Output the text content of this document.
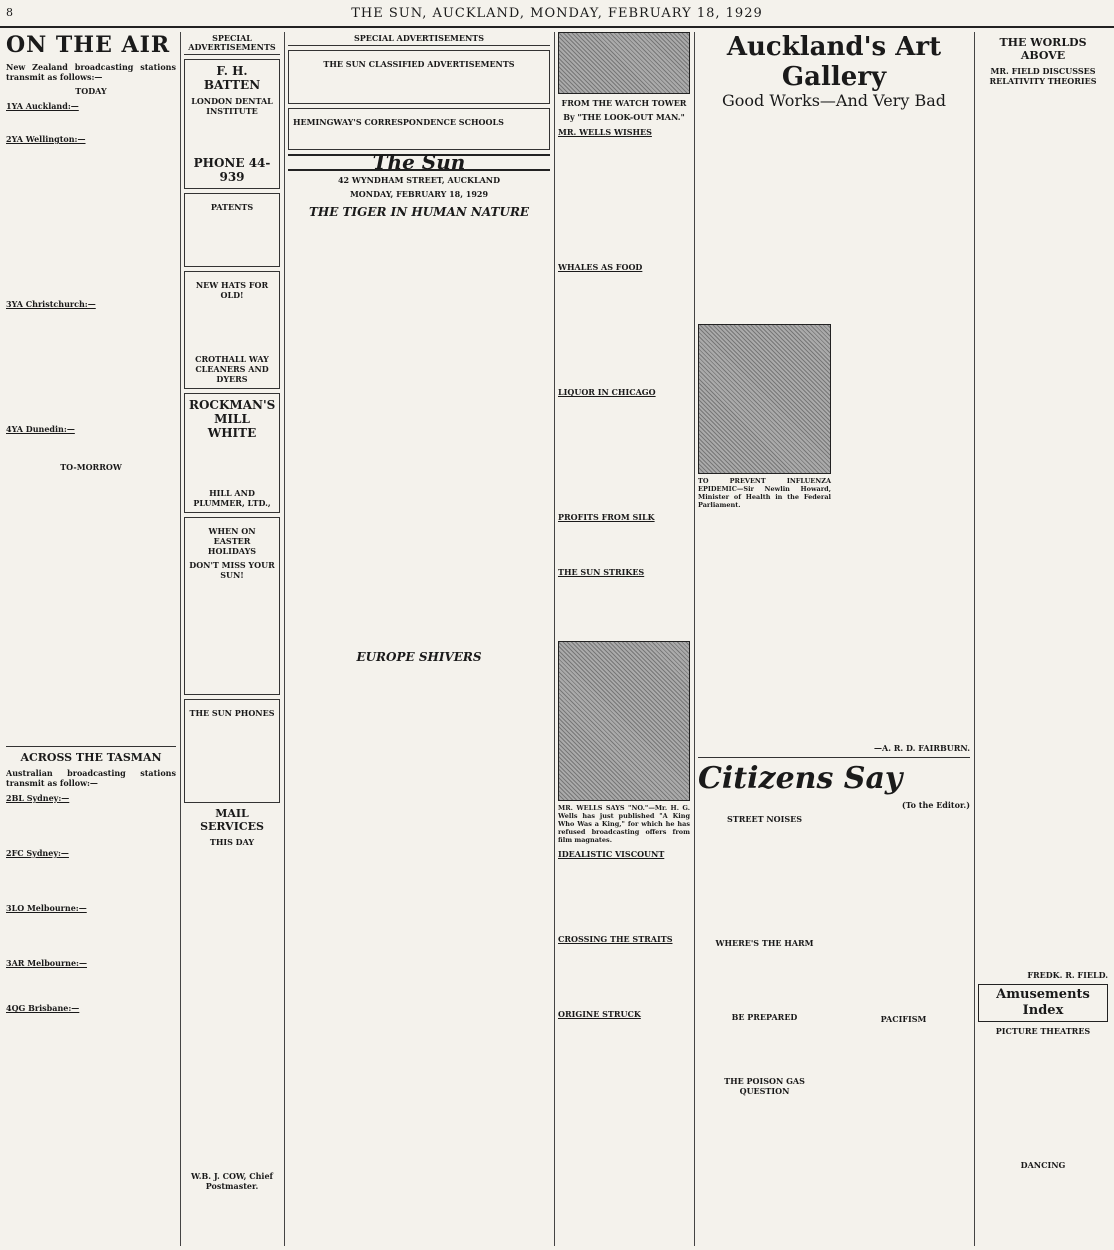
8	THE SUN, AUCKLAND, MONDAY, FEBRUARY 18, 1929
ON THE AIR
New Zealand broadcasting stations transmit as follows:—
TODAY
1YA Auckland:—
2YA Wellington:—
3YA Christchurch:—
4YA Dunedin:—
TO-MORROW
ACROSS THE TASMAN
Australian broadcasting stations transmit as follow:—
2BL Sydney:—
2FC Sydney:—
3LO Melbourne:—
3AR Melbourne:—
4QG Brisbane:—
SPECIAL ADVERTISEMENTS
F. H. BATTEN
LONDON DENTAL INSTITUTE
PHONE 44-939
PATENTS
NEW HATS FOR OLD!
CROTHALL WAY CLEANERS AND DYERS
ROCKMAN'S MILL WHITE
HILL AND PLUMMER, LTD.,
WHEN ON EASTER HOLIDAYS
DON'T MISS YOUR SUN!
THE SUN PHONES
MAIL SERVICES
THIS DAY
W.B. J. COW, Chief Postmaster.
SPECIAL ADVERTISEMENTS
THE SUN CLASSIFIED ADVERTISEMENTS
HEMINGWAY'S CORRESPONDENCE SCHOOLS
The Sun
42 WYNDHAM STREET, AUCKLAND
MONDAY, FEBRUARY 18, 1929
THE TIGER IN HUMAN NATURE
EUROPE SHIVERS
FROM THE WATCH TOWER
By "THE LOOK-OUT MAN."
MR. WELLS WISHES
WHALES AS FOOD
LIQUOR IN CHICAGO
PROFITS FROM SILK
THE SUN STRIKES
MR. WELLS SAYS "NO."—Mr. H. G. Wells has just published "A King Who Was a King," for which he has refused broadcasting offers from film magnates.
IDEALISTIC VISCOUNT
CROSSING THE STRAITS
ORIGINE STRUCK
Auckland's Art Gallery
Good Works—And Very Bad
TO PREVENT INFLUENZA EPIDEMIC—Sir Newlin Howard, Minister of Health in the Federal Parliament.
—A. R. D. FAIRBURN.
Citizens Say
(To the Editor.)
STREET NOISES
WHERE'S THE HARM
BE PREPARED
THE POISON GAS QUESTION
PACIFISM
THE WORLDS ABOVE
MR. FIELD DISCUSSES RELATIVITY THEORIES
FREDK. R. FIELD.
Amusements Index
PICTURE THEATRES
DANCING
